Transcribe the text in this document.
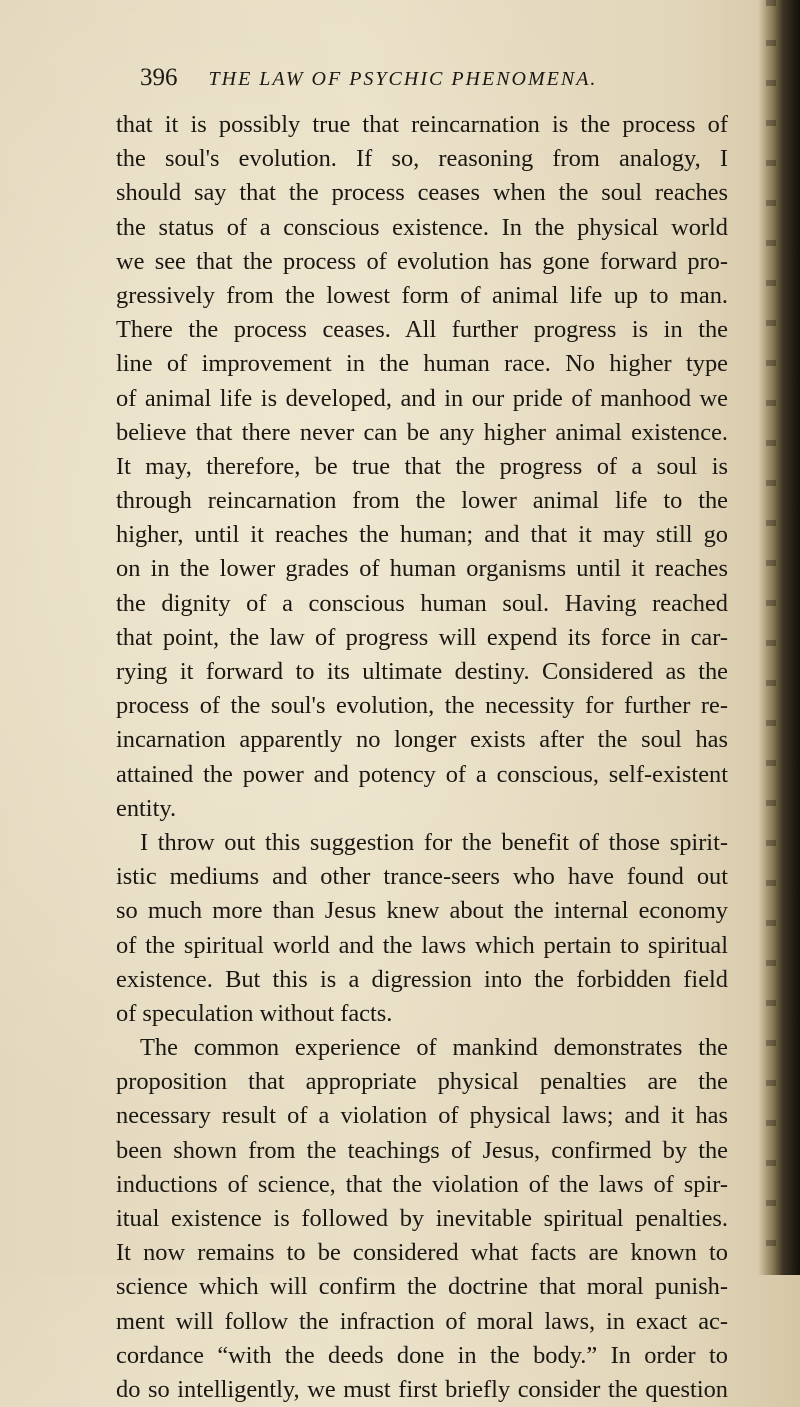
396 THE LAW OF PSYCHIC PHENOMENA.
that it is possibly true that reincarnation is the process of
the soul's evolution. If so, reasoning from analogy, I
should say that the process ceases when the soul reaches
the status of a conscious existence. In the physical world
we see that the process of evolution has gone forward pro-
gressively from the lowest form of animal life up to man.
There the process ceases. All further progress is in the
line of improvement in the human race. No higher type
of animal life is developed, and in our pride of manhood we
believe that there never can be any higher animal existence.
It may, therefore, be true that the progress of a soul is
through reincarnation from the lower animal life to the
higher, until it reaches the human; and that it may still go
on in the lower grades of human organisms until it reaches
the dignity of a conscious human soul. Having reached
that point, the law of progress will expend its force in car-
rying it forward to its ultimate destiny. Considered as the
process of the soul's evolution, the necessity for further re-
incarnation apparently no longer exists after the soul has
attained the power and potency of a conscious, self-existent
entity.
I throw out this suggestion for the benefit of those spirit-
istic mediums and other trance-seers who have found out
so much more than Jesus knew about the internal economy
of the spiritual world and the laws which pertain to spiritual
existence. But this is a digression into the forbidden field
of speculation without facts.
The common experience of mankind demonstrates the
proposition that appropriate physical penalties are the
necessary result of a violation of physical laws; and it has
been shown from the teachings of Jesus, confirmed by the
inductions of science, that the violation of the laws of spir-
itual existence is followed by inevitable spiritual penalties.
It now remains to be considered what facts are known to
science which will confirm the doctrine that moral punish-
ment will follow the infraction of moral laws, in exact ac-
cordance “with the deeds done in the body.” In order to
do so intelligently, we must first briefly consider the question
